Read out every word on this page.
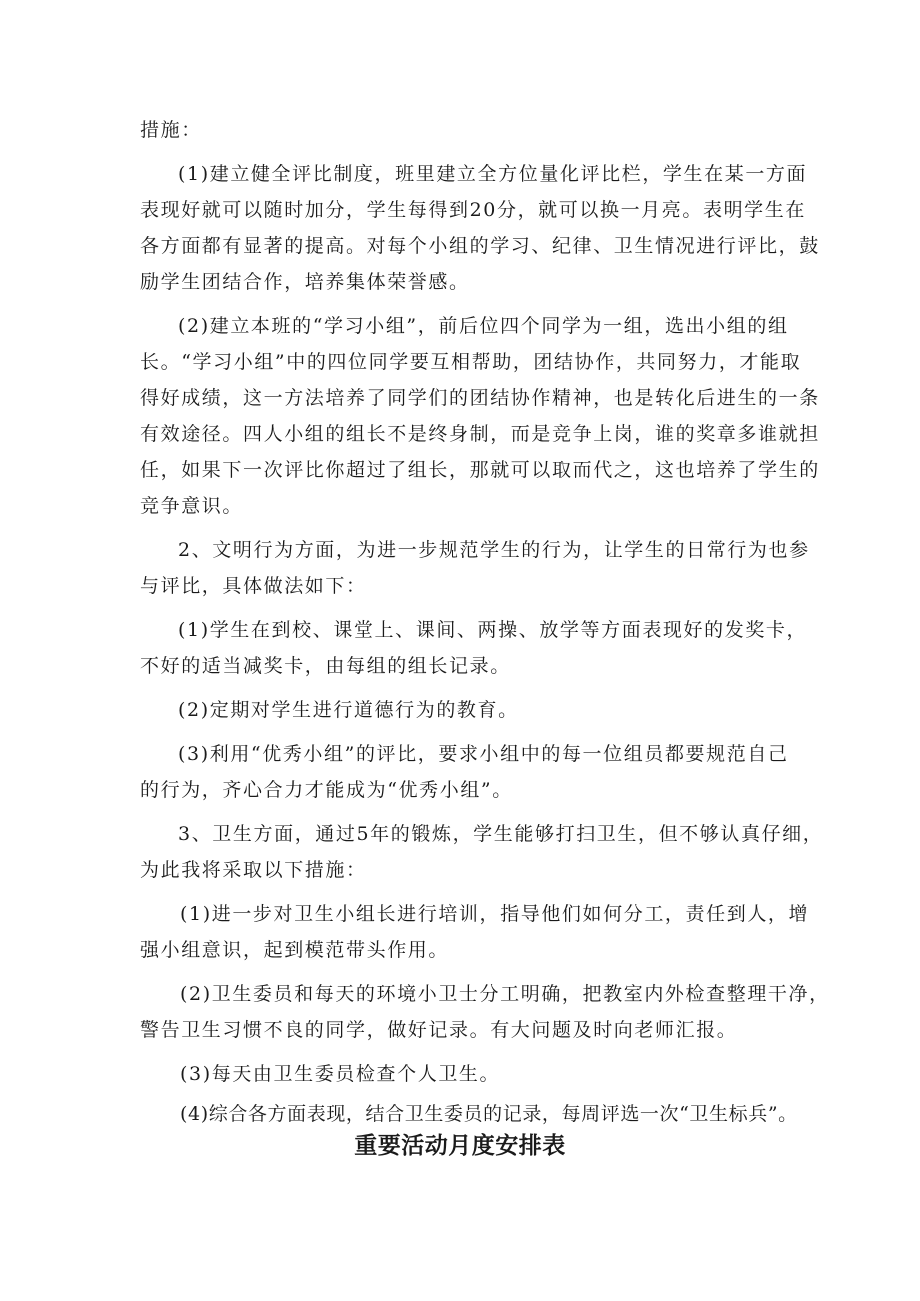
措施：
(1)建立健全评比制度，班里建立全方位量化评比栏，学生在某一方面
表现好就可以随时加分，学生每得到20分，就可以换一月亮。表明学生在
各方面都有显著的提高。对每个小组的学习、纪律、卫生情况进行评比，鼓
励学生团结合作，培养集体荣誉感。
(2)建立本班的“学习小组”，前后位四个同学为一组，选出小组的组
长。“学习小组”中的四位同学要互相帮助，团结协作，共同努力，才能取
得好成绩，这一方法培养了同学们的团结协作精神，也是转化后进生的一条
有效途径。四人小组的组长不是终身制，而是竞争上岗，谁的奖章多谁就担
任，如果下一次评比你超过了组长，那就可以取而代之，这也培养了学生的
竞争意识。
2、文明行为方面，为进一步规范学生的行为，让学生的日常行为也参
与评比，具体做法如下：
(1)学生在到校、课堂上、课间、两操、放学等方面表现好的发奖卡，
不好的适当减奖卡，由每组的组长记录。
(2)定期对学生进行道德行为的教育。
(3)利用“优秀小组”的评比，要求小组中的每一位组员都要规范自己
的行为，齐心合力才能成为“优秀小组”。
3、卫生方面，通过5年的锻炼，学生能够打扫卫生，但不够认真仔细，
为此我将采取以下措施：
(1)进一步对卫生小组长进行培训，指导他们如何分工，责任到人，增
强小组意识，起到模范带头作用。
(2)卫生委员和每天的环境小卫士分工明确，把教室内外检查整理干净，
警告卫生习惯不良的同学，做好记录。有大问题及时向老师汇报。
(3)每天由卫生委员检查个人卫生。
(4)综合各方面表现，结合卫生委员的记录，每周评选一次“卫生标兵”。
重要活动月度安排表
